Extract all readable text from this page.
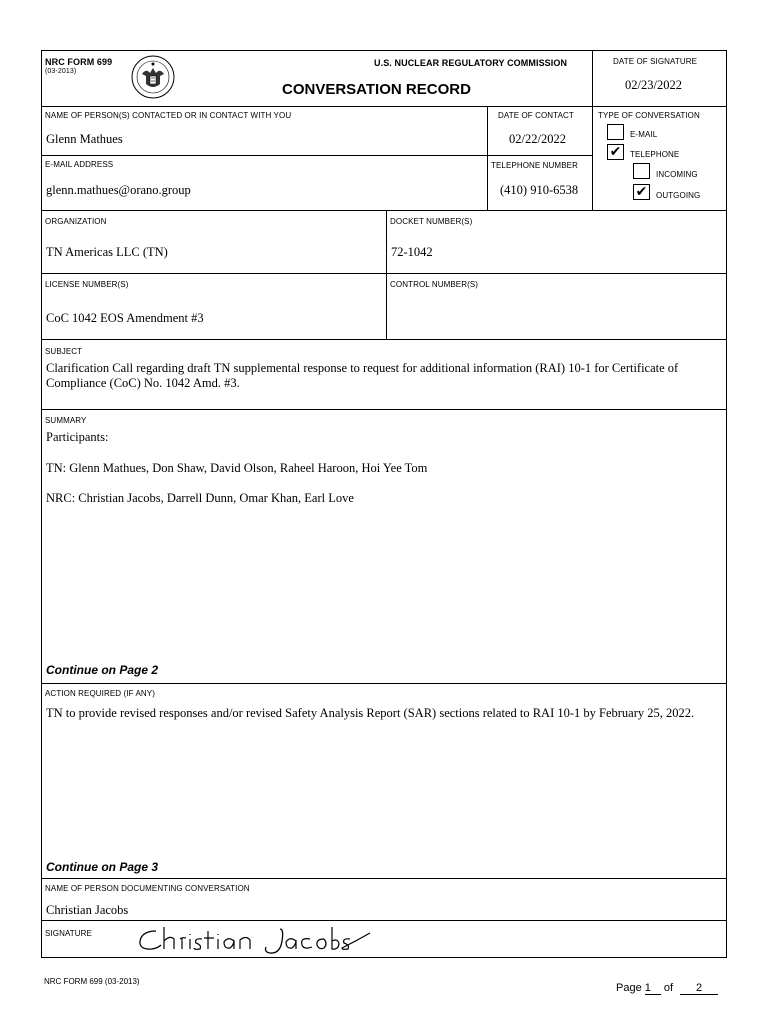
NRC FORM 699
(03-2013)
U.S. NUCLEAR REGULATORY COMMISSION
CONVERSATION RECORD
DATE OF SIGNATURE
02/23/2022
NAME OF PERSON(S) CONTACTED OR IN CONTACT WITH YOU
Glenn Mathues
DATE OF CONTACT
02/22/2022
E-MAIL ADDRESS
glenn.mathues@orano.group
TELEPHONE NUMBER
(410) 910-6538
TYPE OF CONVERSATION
E-MAIL
✔	TELEPHONE
INCOMING
✔	OUTGOING
ORGANIZATION
TN Americas LLC (TN)
DOCKET NUMBER(S)
72-1042
LICENSE NUMBER(S)
CoC 1042 EOS Amendment #3
CONTROL NUMBER(S)
SUBJECT
Clarification Call regarding draft TN supplemental response to request for additional information (RAI) 10-1 for Certificate of Compliance (CoC) No. 1042 Amd. #3.
SUMMARY
Participants:
TN: Glenn Mathues, Don Shaw, David Olson, Raheel Haroon, Hoi Yee Tom
NRC: Christian Jacobs, Darrell Dunn, Omar Khan, Earl Love
Continue on Page 2
ACTION REQUIRED (IF ANY)
TN to provide revised responses and/or revised Safety Analysis Report (SAR) sections related to RAI 10-1 by February 25, 2022.
Continue on Page 3
NAME OF PERSON DOCUMENTING CONVERSATION
Christian Jacobs
SIGNATURE
NRC FORM 699 (03-2013)
Page 1 of 2
